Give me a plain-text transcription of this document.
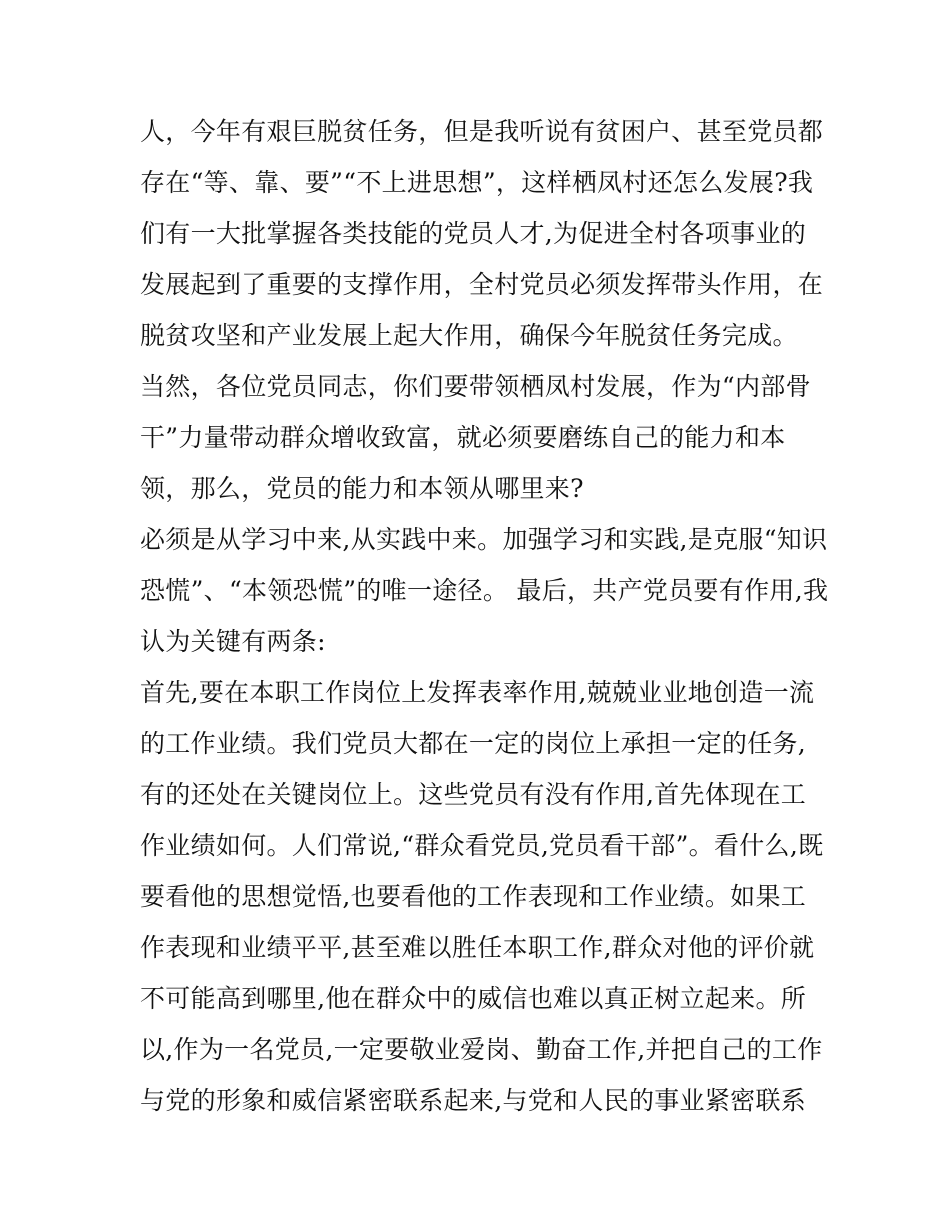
人，今年有艰巨脱贫任务，但是我听说有贫困户、甚至党员都
存在“等、靠、要”“不上进思想”，这样栖凤村还怎么发展?我
们有一大批掌握各类技能的党员人才,为促进全村各项事业的
发展起到了重要的支撑作用，全村党员必须发挥带头作用，在
脱贫攻坚和产业发展上起大作用，确保今年脱贫任务完成。
当然，各位党员同志，你们要带领栖凤村发展，作为“内部骨
干”力量带动群众增收致富，就必须要磨练自己的能力和本
领，那么，党员的能力和本领从哪里来?
必须是从学习中来,从实践中来。加强学习和实践,是克服“知识
恐慌”、“本领恐慌”的唯一途径。 最后，共产党员要有作用,我
认为关键有两条:
首先,要在本职工作岗位上发挥表率作用,兢兢业业地创造一流
的工作业绩。我们党员大都在一定的岗位上承担一定的任务,
有的还处在关键岗位上。这些党员有没有作用,首先体现在工
作业绩如何。人们常说,“群众看党员,党员看干部”。看什么,既
要看他的思想觉悟,也要看他的工作表现和工作业绩。如果工
作表现和业绩平平,甚至难以胜任本职工作,群众对他的评价就
不可能高到哪里,他在群众中的威信也难以真正树立起来。所
以,作为一名党员,一定要敬业爱岗、勤奋工作,并把自己的工作
与党的形象和威信紧密联系起来,与党和人民的事业紧密联系
